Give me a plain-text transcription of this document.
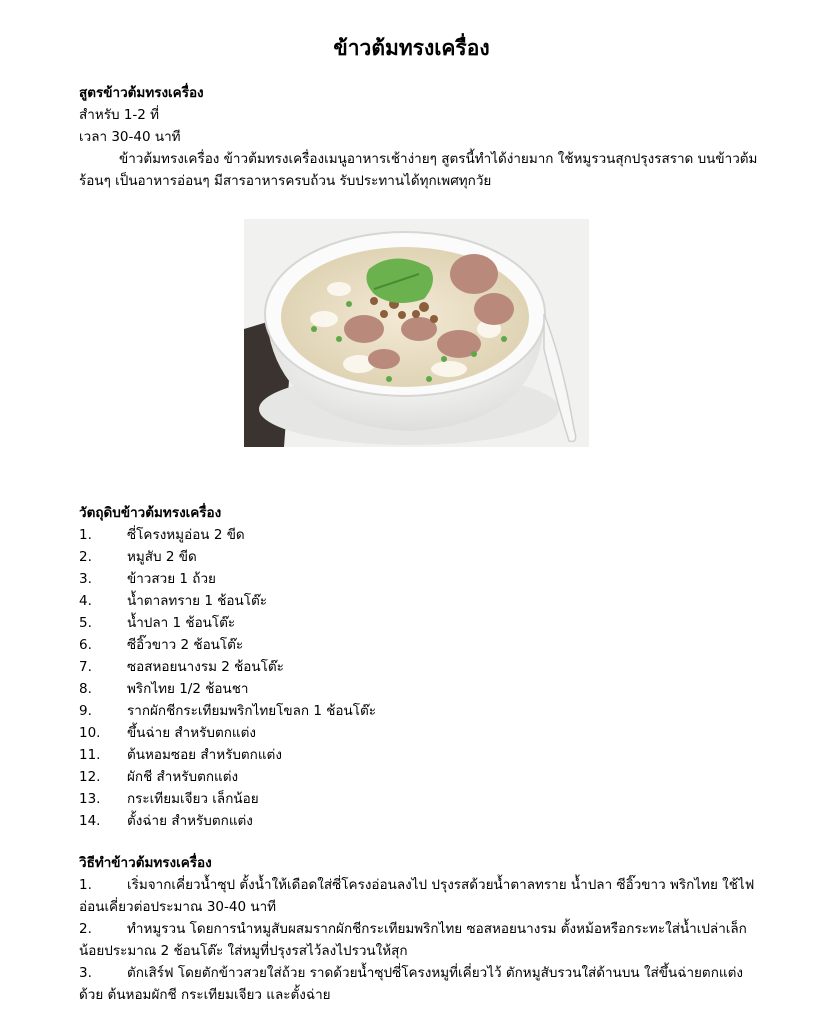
ข้าวต้มทรงเครื่อง
สูตรข้าวต้มทรงเครื่อง
สำหรับ 1-2 ที่
เวลา 30-40 นาที
ข้าวต้มทรงเครื่อง ข้าวต้มทรงเครื่องเมนูอาหารเช้าง่ายๆ สูตรนี้ทำได้ง่ายมาก ใช้หมูรวนสุกปรุงรสราด บนข้าวต้มร้อนๆ เป็นอาหารอ่อนๆ มีสารอาหารครบถ้วน รับประทานได้ทุกเพศทุกวัย
วัตถุดิบข้าวต้มทรงเครื่อง
1.	ซี่โครงหมูอ่อน 2 ขีด
2.	หมูสับ 2 ขีด
3.	ข้าวสวย 1 ถ้วย
4.	น้ำตาลทราย 1 ช้อนโต๊ะ
5.	น้ำปลา 1 ช้อนโต๊ะ
6.	ซีอิ๊วขาว 2 ช้อนโต๊ะ
7.	ซอสหอยนางรม 2 ช้อนโต๊ะ
8.	พริกไทย 1/2 ช้อนชา
9.	รากผักชีกระเทียมพริกไทยโขลก 1 ช้อนโต๊ะ
10. ขึ้นฉ่าย สำหรับตกแต่ง
11. ต้นหอมซอย สำหรับตกแต่ง
12. ผักชี สำหรับตกแต่ง
13. กระเทียมเจียว เล็กน้อย
14. ตั้งฉ่าย สำหรับตกแต่ง
วิธีทำข้าวต้มทรงเครื่อง
1.	เริ่มจากเคี่ยวน้ำซุป ตั้งน้ำให้เดือดใส่ซี่โครงอ่อนลงไป ปรุงรสด้วยน้ำตาลทราย น้ำปลา ซีอิ๊วขาว พริกไทย ใช้ไฟอ่อนเคี่ยวต่อประมาณ 30-40 นาที
2.	ทำหมูรวน โดยการนำหมูสับผสมรากผักชีกระเทียมพริกไทย ซอสหอยนางรม ตั้งหม้อหรือกระทะใส่น้ำเปล่าเล็กน้อยประมาณ 2 ช้อนโต๊ะ ใส่หมูที่ปรุงรสไว้ลงไปรวนให้สุก
3.	ตักเสิร์ฟ โดยตักข้าวสวยใส่ถ้วย ราดด้วยน้ำซุปซี่โครงหมูที่เคี่ยวไว้ ตักหมูสับรวนใส่ด้านบน ใส่ขึ้นฉ่ายตกแต่งด้วย ต้นหอมผักชี กระเทียมเจียว และตั้งฉ่าย
